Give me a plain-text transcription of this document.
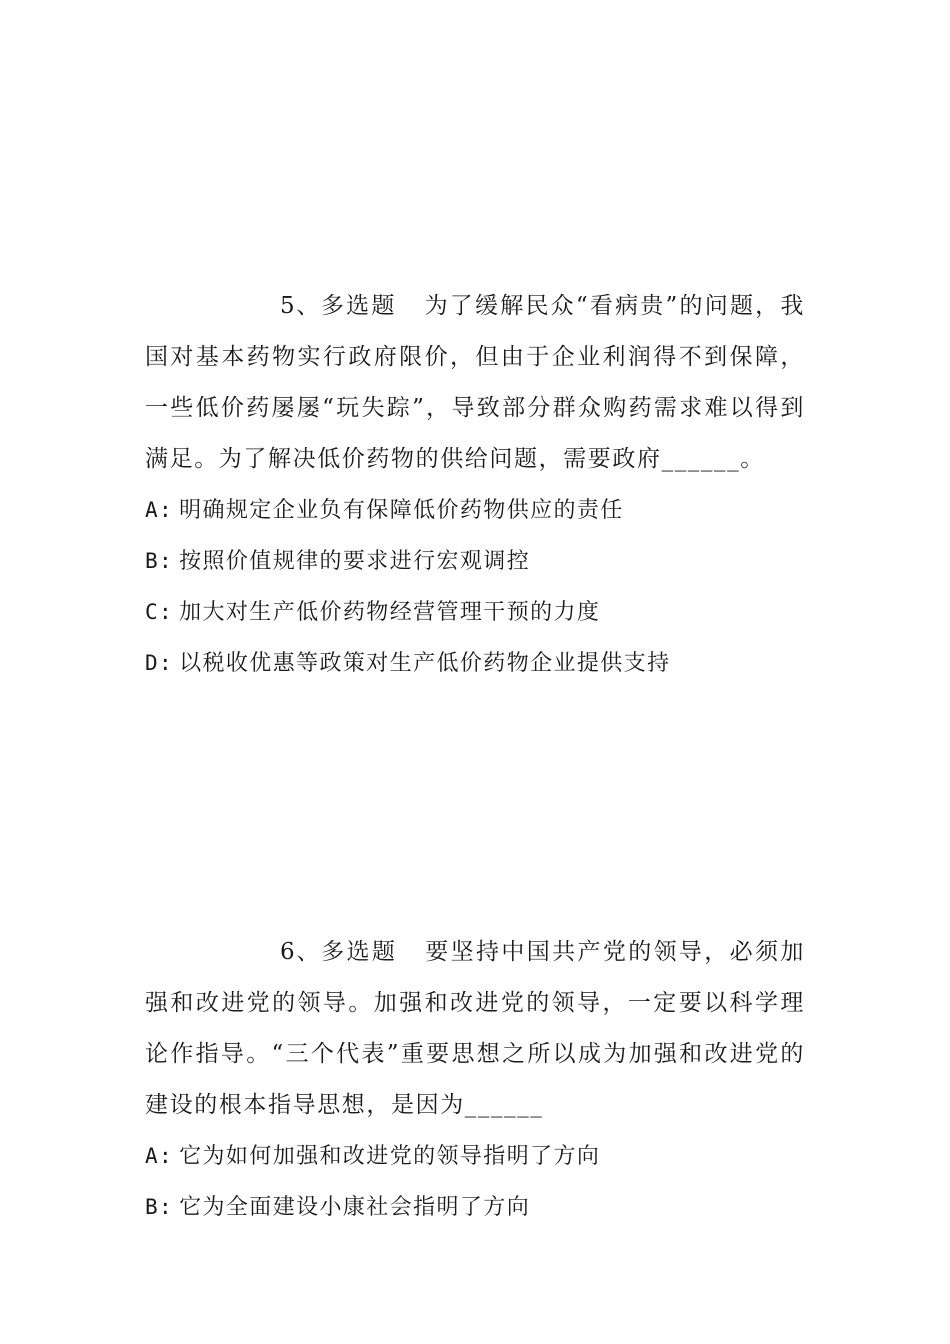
5、多选题 为了缓解民众“看病贵”的问题，我国对基本药物实行政府限价，但由于企业利润得不到保障，一些低价药屡屡“玩失踪”，导致部分群众购药需求难以得到满足。为了解决低价药物的供给问题，需要政府______。

A: 明确规定企业负有保障低价药物供应的责任
B: 按照价值规律的要求进行宏观调控
C: 加大对生产低价药物经营管理干预的力度
D: 以税收优惠等政策对生产低价药物企业提供支持

6、多选题 要坚持中国共产党的领导，必须加强和改进党的领导。加强和改进党的领导，一定要以科学理论作指导。“三个代表”重要思想之所以成为加强和改进党的建设的根本指导思想，是因为______

A: 它为如何加强和改进党的领导指明了方向
B: 它为全面建设小康社会指明了方向
